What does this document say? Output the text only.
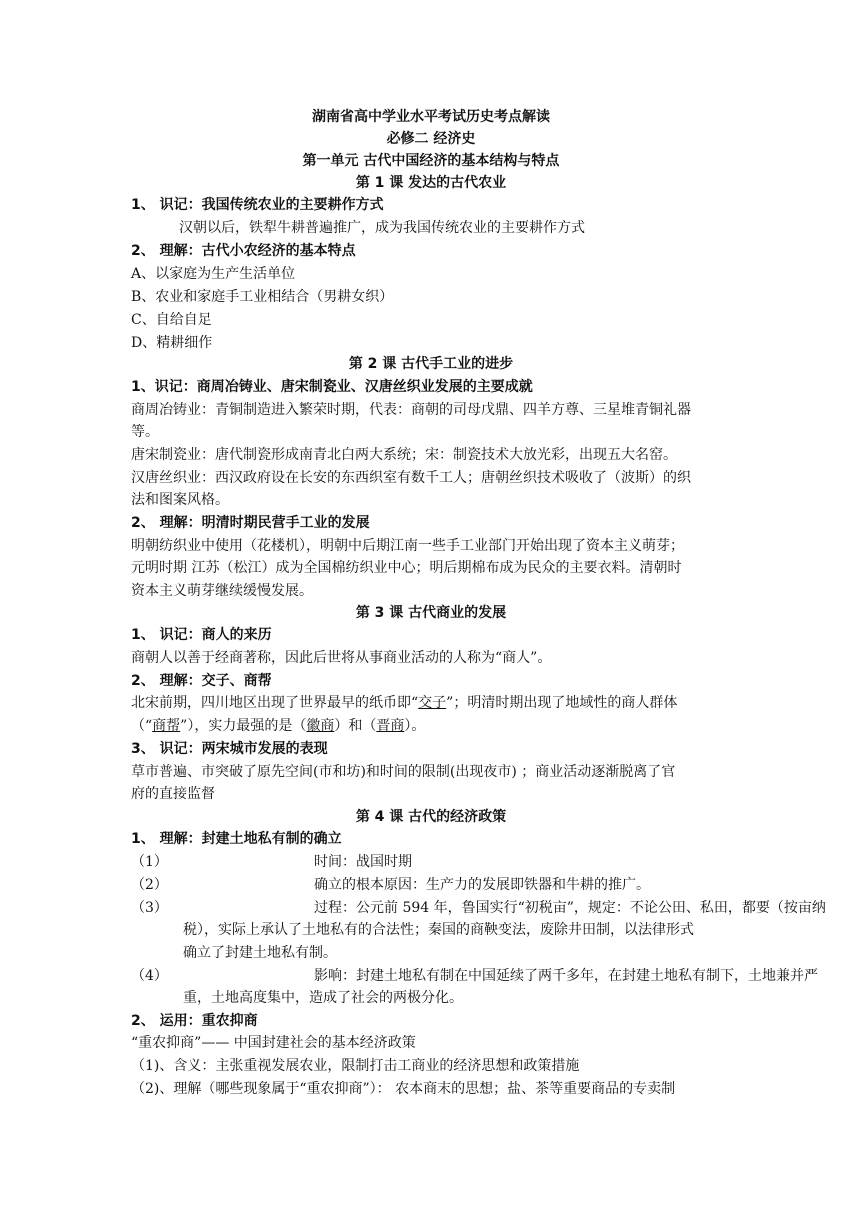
湖南省高中学业水平考试历史考点解读
必修二 经济史
第一单元 古代中国经济的基本结构与特点
第 1 课 发达的古代农业
1、 识记：我国传统农业的主要耕作方式
汉朝以后，铁犁牛耕普遍推广，成为我国传统农业的主要耕作方式
2、 理解：古代小农经济的基本特点
A、以家庭为生产生活单位
B、农业和家庭手工业相结合（男耕女织）
C、自给自足
D、精耕细作
第 2 课 古代手工业的进步
1、识记：商周冶铸业、唐宋制瓷业、汉唐丝织业发展的主要成就
商周冶铸业：青铜制造进入繁荣时期，代表：商朝的司母戊鼎、四羊方尊、三星堆青铜礼器
等。
唐宋制瓷业：唐代制瓷形成南青北白两大系统；宋：制瓷技术大放光彩，出现五大名窑。
汉唐丝织业：西汉政府设在长安的东西织室有数千工人；唐朝丝织技术吸收了（波斯）的织
法和图案风格。
2、 理解：明清时期民营手工业的发展
明朝纺织业中使用（花楼机），明朝中后期江南一些手工业部门开始出现了资本主义萌芽；
元明时期 江苏（松江）成为全国棉纺织业中心；明后期棉布成为民众的主要衣料。清朝时
资本主义萌芽继续缓慢发展。
第 3 课 古代商业的发展
1、 识记：商人的来历
商朝人以善于经商著称，因此后世将从事商业活动的人称为“商人”。
2、 理解：交子、商帮
北宋前期，四川地区出现了世界最早的纸币即“交子”；明清时期出现了地域性的商人群体
（“商帮”），实力最强的是（徽商）和（晋商）。
3、 识记：两宋城市发展的表现
草市普遍、市突破了原先空间(市和坊)和时间的限制(出现夜市) ；商业活动逐渐脱离了官
府的直接监督
第 4 课 古代的经济政策
1、 理解：封建土地私有制的确立
（1）	时间：战国时期
（2）	确立的根本原因：生产力的发展即铁器和牛耕的推广。
（3）	过程：公元前 594 年，鲁国实行“初税亩”，规定：不论公田、私田，都要（按亩纳
税），实际上承认了土地私有的合法性；秦国的商鞅变法，废除井田制，以法律形式
确立了封建土地私有制。
（4）	影响：封建土地私有制在中国延续了两千多年，在封建土地私有制下，土地兼并严
重，土地高度集中，造成了社会的两极分化。
2、 运用：重农抑商
“重农抑商”—— 中国封建社会的基本经济政策
（1)、含义：主张重视发展农业，限制打击工商业的经济思想和政策措施
（2)、理解（哪些现象属于“重农抑商”）： 农本商末的思想；盐、茶等重要商品的专卖制
